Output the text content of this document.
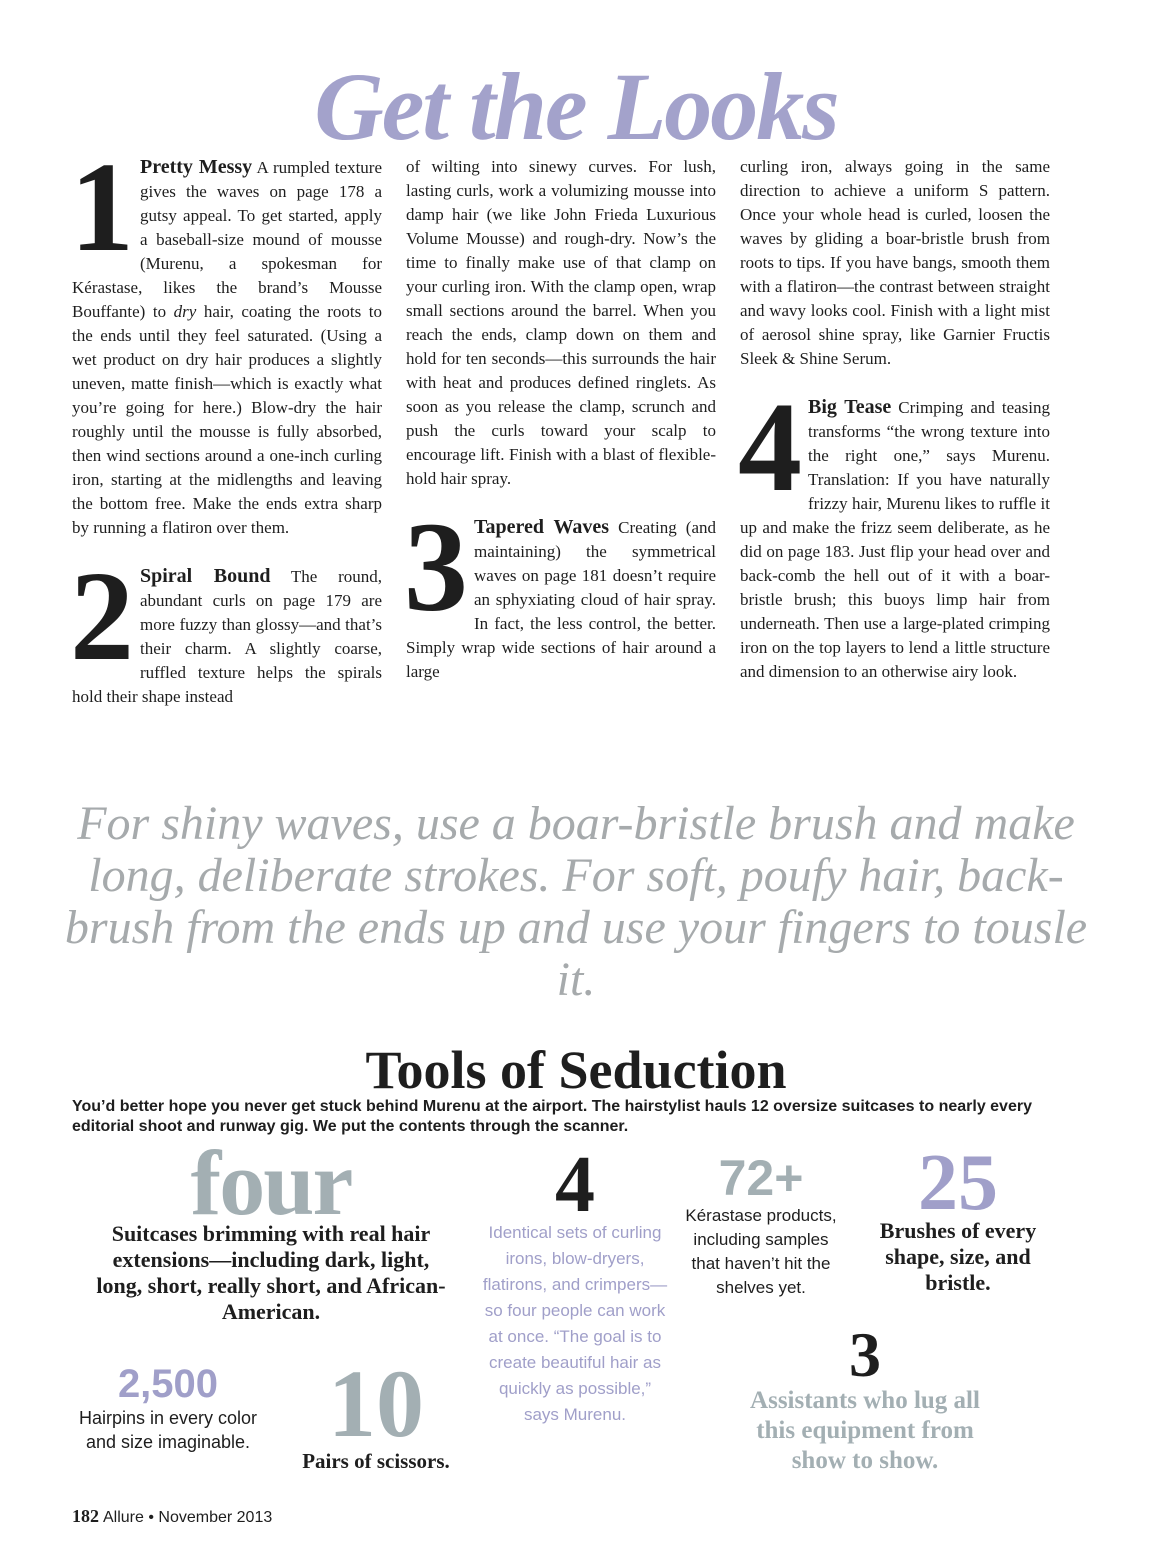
Get the Looks

1 Pretty Messy A rumpled texture gives the waves on page 178 a gutsy appeal. To get started, apply a baseball-size mound of mousse (Murenu, a spokesman for Kérastase, likes the brand’s Mousse Bouffante) to dry hair, coating the roots to the ends until they feel saturated. (Using a wet product on dry hair produces a slightly uneven, matte finish—which is exactly what you’re going for here.) Blow-dry the hair roughly until the mousse is fully absorbed, then wind sections around a one-inch curling iron, starting at the midlengths and leaving the bottom free. Make the ends extra sharp by running a flatiron over them.

2 Spiral Bound The round, abundant curls on page 179 are more fuzzy than glossy—and that’s their charm. A slightly coarse, ruffled texture helps the spirals hold their shape instead

of wilting into sinewy curves. For lush, lasting curls, work a volumizing mousse into damp hair (we like John Frieda Luxurious Volume Mousse) and rough-dry. Now’s the time to finally make use of that clamp on your curling iron. With the clamp open, wrap small sections around the barrel. When you reach the ends, clamp down on them and hold for ten seconds—this surrounds the hair with heat and produces defined ringlets. As soon as you release the clamp, scrunch and push the curls toward your scalp to encourage lift. Finish with a blast of flexible-hold hair spray.

3 Tapered Waves Creating (and maintaining) the symmetrical waves on page 181 doesn’t require an sphyxiating cloud of hair spray. In fact, the less control, the better. Simply wrap wide sections of hair around a large

curling iron, always going in the same direction to achieve a uniform S pattern. Once your whole head is curled, loosen the waves by gliding a boar-bristle brush from roots to tips. If you have bangs, smooth them with a flatiron—the contrast between straight and wavy looks cool. Finish with a light mist of aerosol shine spray, like Garnier Fructis Sleek & Shine Serum.

4 Big Tease Crimping and teasing transforms “the wrong texture into the right one,” says Murenu. Translation: If you have naturally frizzy hair, Murenu likes to ruffle it up and make the frizz seem deliberate, as he did on page 183. Just flip your head over and back-comb the hell out of it with a boar-bristle brush; this buoys limp hair from underneath. Then use a large-plated crimping iron on the top layers to lend a little structure and dimension to an otherwise airy look.

For shiny waves, use a boar-bristle brush and make long, deliberate strokes. For soft, poufy hair, back-brush from the ends up and use your fingers to tousle it.
Tools of Seduction
You’d better hope you never get stuck behind Murenu at the airport. The hairstylist hauls 12 oversize suitcases to nearly every editorial shoot and runway gig. We put the contents through the scanner.
four
Suitcases brimming with real hair extensions—including dark, light, long, short, really short, and African-American.
4
Identical sets of curling irons, blow-dryers, flatirons, and crimpers—so four people can work at once. “The goal is to create beautiful hair as quickly as possible,” says Murenu.
72+
Kérastase products, including samples that haven’t hit the shelves yet.
25
Brushes of every shape, size, and bristle.
2,500
Hairpins in every color and size imaginable. 10
Pairs of scissors.
3
Assistants who lug all this equipment from show to show.
182 Allure • November 2013
